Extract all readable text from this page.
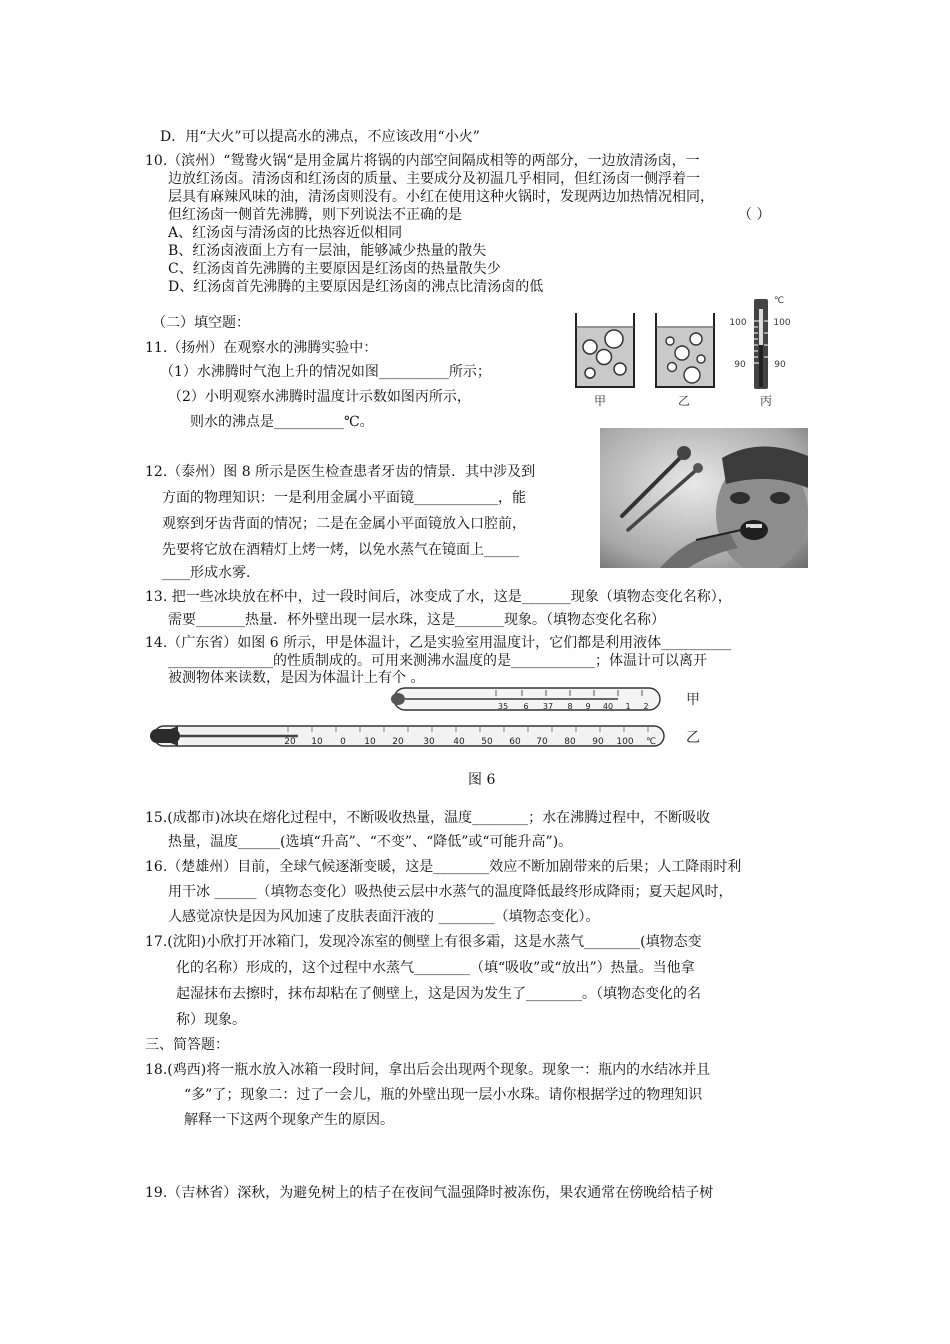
D．用“大火”可以提高水的沸点，不应该改用“小火”
10.（滨州）“鸳鸯火锅“是用金属片将锅的内部空间隔成相等的两部分，一边放清汤卤，一
边放红汤卤。清汤卤和红汤卤的质量、主要成分及初温几乎相同，但红汤卤一侧浮着一
层具有麻辣风味的油，清汤卤则没有。小红在使用这种火锅时，发现两边加热情况相同，
但红汤卤一侧首先沸腾，则下列说法不正确的是	（ ）
A、红汤卤与清汤卤的比热容近似相同
B、红汤卤液面上方有一层油，能够减少热量的散失
C、红汤卤首先沸腾的主要原因是红汤卤的热量散失少
D、红汤卤首先沸腾的主要原因是红汤卤的沸点比清汤卤的低
（二）填空题：
11.（扬州）在观察水的沸腾实验中：
（1）水沸腾时气泡上升的情况如图__________所示；
（2）小明观察水沸腾时温度计示数如图丙所示，
则水的沸点是__________℃。
甲	乙
℃
100
90
100
90
丙
12.（泰州）图 8 所示是医生检查患者牙齿的情景．其中涉及到
方面的物理知识：一是利用金属小平面镜____________，能
观察到牙齿背面的情况；二是在金属小平面镜放入口腔前，
先要将它放在酒精灯上烤一烤，以免水蒸气在镜面上_____
____形成水雾．
13. 把一些冰块放在杯中，过一段时间后，冰变成了水，这是_______现象（填物态变化名称），
需要_______热量．杯外壁出现一层水珠，这是_______现象。（填物态变化名称）
14.（广东省）如图 6 所示，甲是体温计，乙是实验室用温度计，它们都是利用液体__________
_______________的性质制成的。可用来测沸水温度的是____________；体温计可以离开
被测物体来读数，是因为体温计上有个 。
35 6 37 8 9 40 1 2
20 10 0 10 20 30 40 50 60 70 80 90 100 ℃
甲
乙
图 6
15.(成都市)冰块在熔化过程中，不断吸收热量，温度________；水在沸腾过程中，不断吸收
热量，温度______(选填“升高”、“不变”、“降低”或“可能升高”)。
16.（楚雄州）目前，全球气候逐渐变暖，这是________效应不断加剧带来的后果；人工降雨时利
用干冰 ______（填物态变化）吸热使云层中水蒸气的温度降低最终形成降雨；夏天起风时，
人感觉凉快是因为风加速了皮肤表面汗液的 ________（填物态变化）。
17.(沈阳)小欣打开冰箱门，发现冷冻室的侧壁上有很多霜，这是水蒸气________(填物态变
化的名称）形成的，这个过程中水蒸气________（填“吸收”或“放出”）热量。当他拿
起湿抹布去擦时，抹布却粘在了侧壁上，这是因为发生了________。（填物态变化的名
称）现象。
三、简答题：
18.(鸡西)将一瓶水放入冰箱一段时间，拿出后会出现两个现象。现象一：瓶内的水结冰并且
“多”了；现象二：过了一会儿，瓶的外壁出现一层小水珠。请你根据学过的物理知识
解释一下这两个现象产生的原因。
19.（吉林省）深秋，为避免树上的桔子在夜间气温强降时被冻伤，果农通常在傍晚给桔子树
